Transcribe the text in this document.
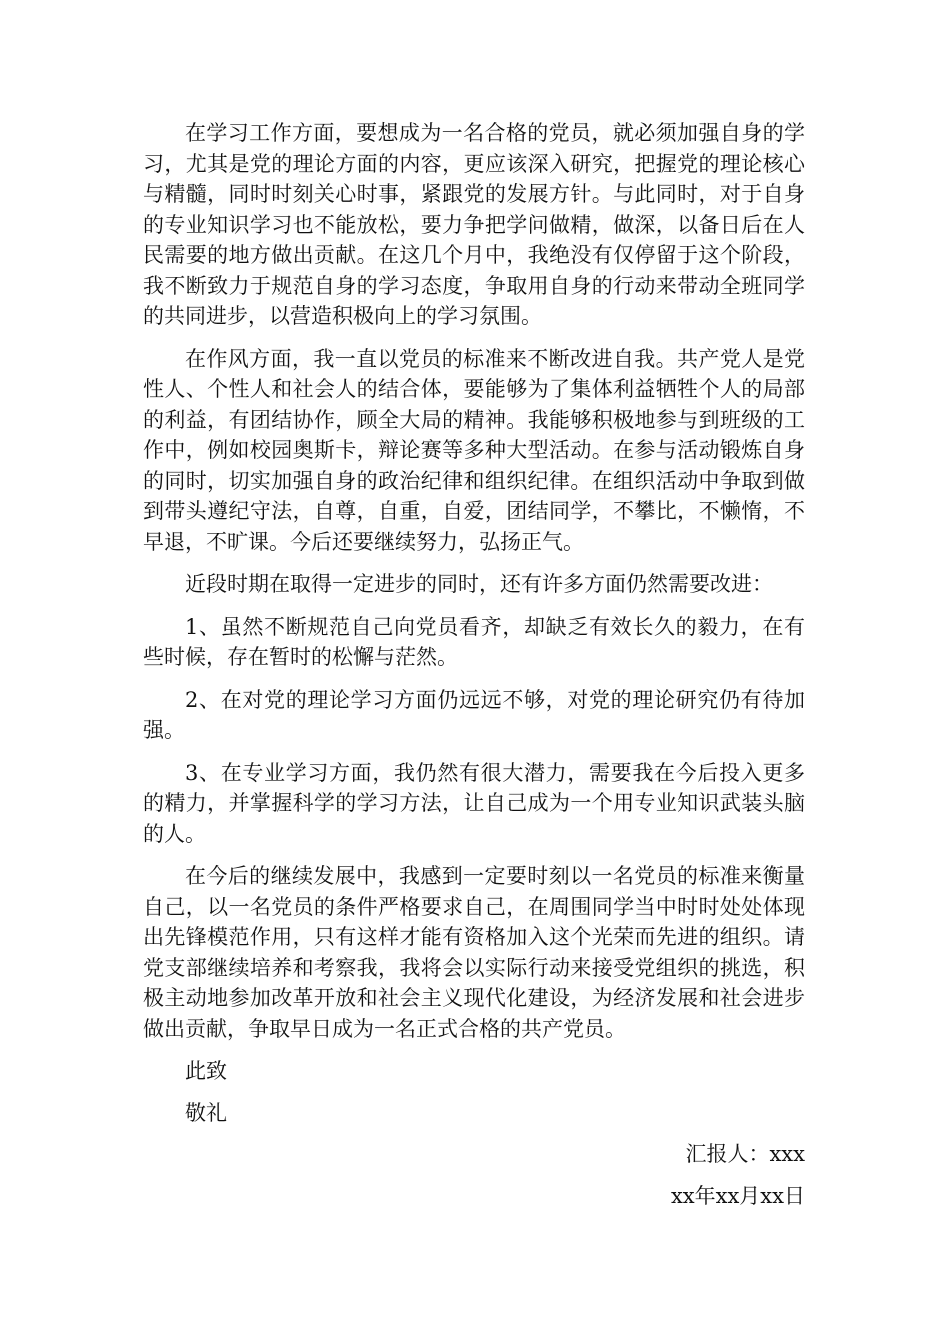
在学习工作方面，要想成为一名合格的党员，就必须加强自身的学习，尤其是党的理论方面的内容，更应该深入研究，把握党的理论核心与精髓，同时时刻关心时事，紧跟党的发展方针。与此同时，对于自身的专业知识学习也不能放松，要力争把学问做精，做深，以备日后在人民需要的地方做出贡献。在这几个月中，我绝没有仅停留于这个阶段，我不断致力于规范自身的学习态度，争取用自身的行动来带动全班同学的共同进步，以营造积极向上的学习氛围。

在作风方面，我一直以党员的标准来不断改进自我。共产党人是党性人、个性人和社会人的结合体，要能够为了集体利益牺牲个人的局部的利益，有团结协作，顾全大局的精神。我能够积极地参与到班级的工作中，例如校园奥斯卡，辩论赛等多种大型活动。在参与活动锻炼自身的同时，切实加强自身的政治纪律和组织纪律。在组织活动中争取到做到带头遵纪守法，自尊，自重，自爱，团结同学，不攀比，不懒惰，不早退，不旷课。今后还要继续努力，弘扬正气。

近段时期在取得一定进步的同时，还有许多方面仍然需要改进：

1、虽然不断规范自己向党员看齐，却缺乏有效长久的毅力，在有些时候，存在暂时的松懈与茫然。

2、在对党的理论学习方面仍远远不够，对党的理论研究仍有待加强。

3、在专业学习方面，我仍然有很大潜力，需要我在今后投入更多的精力，并掌握科学的学习方法，让自己成为一个用专业知识武装头脑的人。

在今后的继续发展中，我感到一定要时刻以一名党员的标准来衡量自己，以一名党员的条件严格要求自己，在周围同学当中时时处处体现出先锋模范作用，只有这样才能有资格加入这个光荣而先进的组织。请党支部继续培养和考察我，我将会以实际行动来接受党组织的挑选，积极主动地参加改革开放和社会主义现代化建设，为经济发展和社会进步做出贡献，争取早日成为一名正式合格的共产党员。

此致

敬礼

汇报人：xxx

xx年xx月xx日
